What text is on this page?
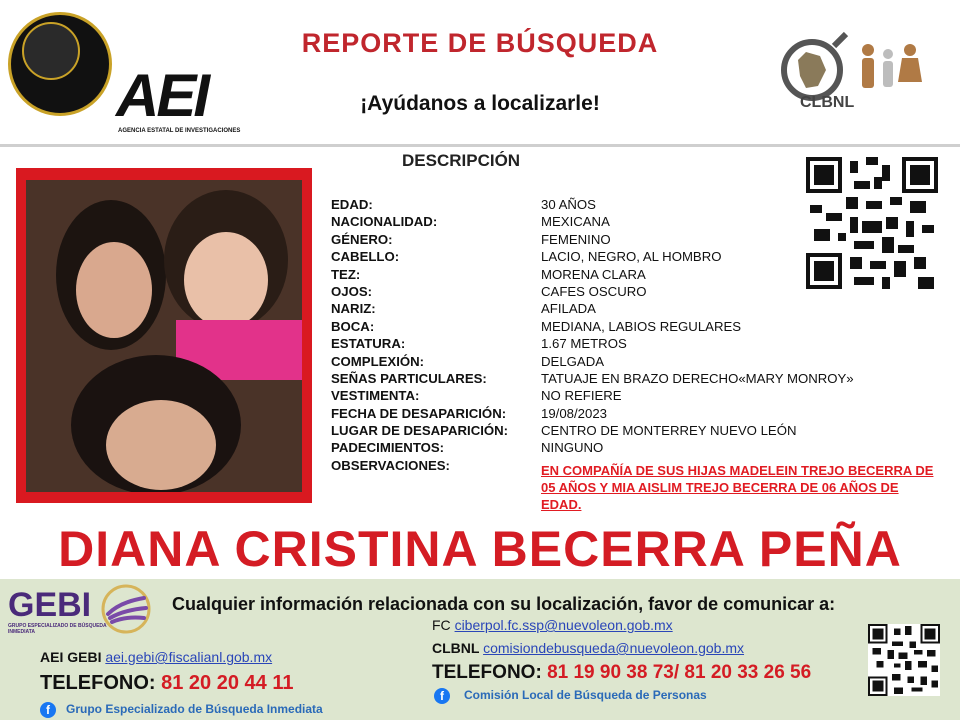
AEI
AGENCIA ESTATAL DE INVESTIGACIONES
REPORTE DE BÚSQUEDA
¡Ayúdanos a localizarle!	CLBNL
DESCRIPCIÓN
EDAD:	30 AÑOS
NACIONALIDAD:	MEXICANA
GÉNERO:	FEMENINO
CABELLO:	LACIO, NEGRO, AL HOMBRO
TEZ:	MORENA CLARA
OJOS:	CAFES OSCURO
NARIZ:	AFILADA
BOCA:	MEDIANA, LABIOS REGULARES
ESTATURA:	1.67 METROS
COMPLEXIÓN:	DELGADA
SEÑAS PARTICULARES:	TATUAJE EN BRAZO DERECHO«MARY MONROY»
VESTIMENTA:	NO REFIERE
FECHA DE DESAPARICIÓN:	19/08/2023
LUGAR DE DESAPARICIÓN:	CENTRO DE MONTERREY NUEVO LEÓN
PADECIMIENTOS:	NINGUNO
OBSERVACIONES:	EN COMPAÑÍA DE SUS HIJAS MADELEIN TREJO BECERRA DE 05 AÑOS Y MIA AISLIM TREJO BECERRA DE 06 AÑOS DE EDAD.
DIANA CRISTINA BECERRA PEÑA
GEBI
GRUPO ESPECIALIZADO DE BÚSQUEDA INMEDIATA
Cualquier información relacionada con su localización, favor de comunicar a:
FC ciberpol.fc.ssp@nuevoleon.gob.mx
CLBNL comisiondebusqueda@nuevoleon.gob.mx
TELEFONO: 81 19 90 38 73/ 81 20 33 26 56
AEI GEBI aei.gebi@fiscalianl.gob.mx
TELEFONO: 81 20 20 44 11
f	Grupo Especializado de Búsqueda Inmediata
f	Comisión Local de Búsqueda de Personas
